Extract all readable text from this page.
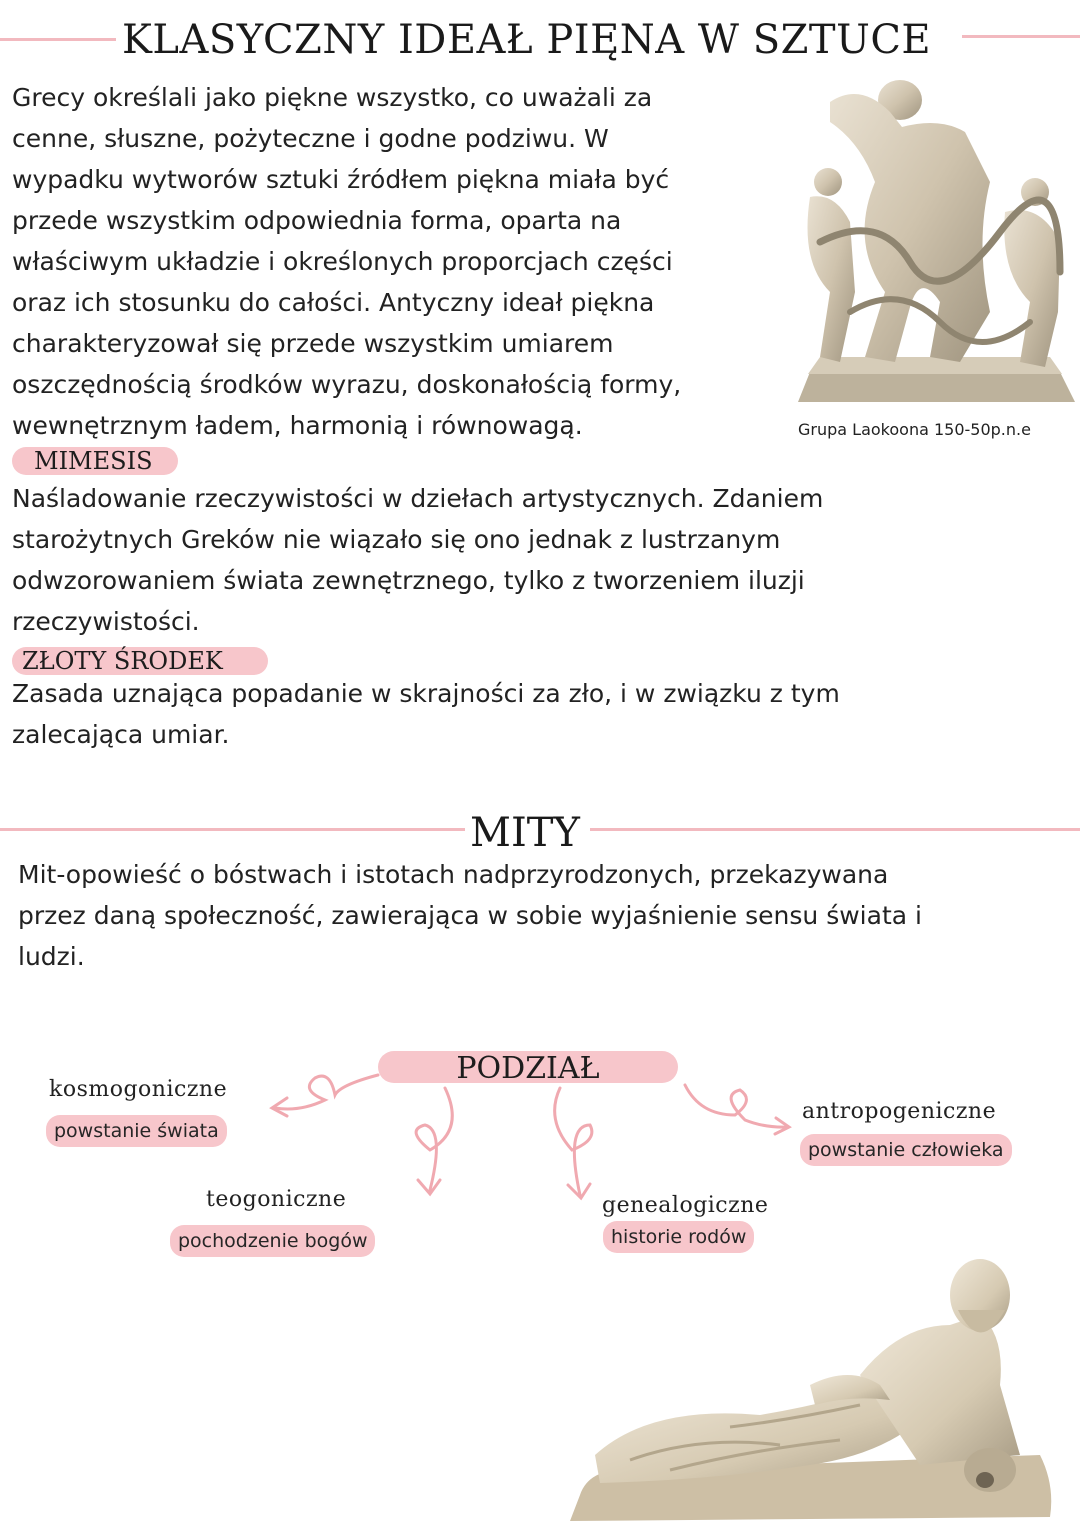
KLASYCZNY IDEAŁ PIĘNA W SZTUCE
Grecy określali jako piękne wszystko, co uważali za
cenne, słuszne, pożyteczne i godne podziwu. W
wypadku wytworów sztuki źródłem piękna miała być
przede wszystkim odpowiednia forma, oparta na
właściwym układzie i określonych proporcjach części
oraz ich stosunku do całości. Antyczny ideał piękna
charakteryzował się przede wszystkim umiarem
oszczędnością środków wyrazu, doskonałością formy,
wewnętrznym ładem, harmonią i równowagą.	Grupa Laokoona 150-50p.n.e
MIMESIS
Naśladowanie rzeczywistości w dziełach artystycznych. Zdaniem
starożytnych Greków nie wiązało się ono jednak z lustrzanym
odwzorowaniem świata zewnętrznego, tylko z tworzeniem iluzji
rzeczywistości.
ZŁOTY ŚRODEK
Zasada uznająca popadanie w skrajności za zło, i w związku z tym
zalecająca umiar.
MITY
Mit-opowieść o bóstwach i istotach nadprzyrodzonych, przekazywana
przez daną społeczność, zawierająca w sobie wyjaśnienie sensu świata i
ludzi.
PODZIAŁ
kosmogoniczne
powstanie świata
teogoniczne
pochodzenie bogów
genealogiczne
historie rodów
antropogeniczne
powstanie człowieka
